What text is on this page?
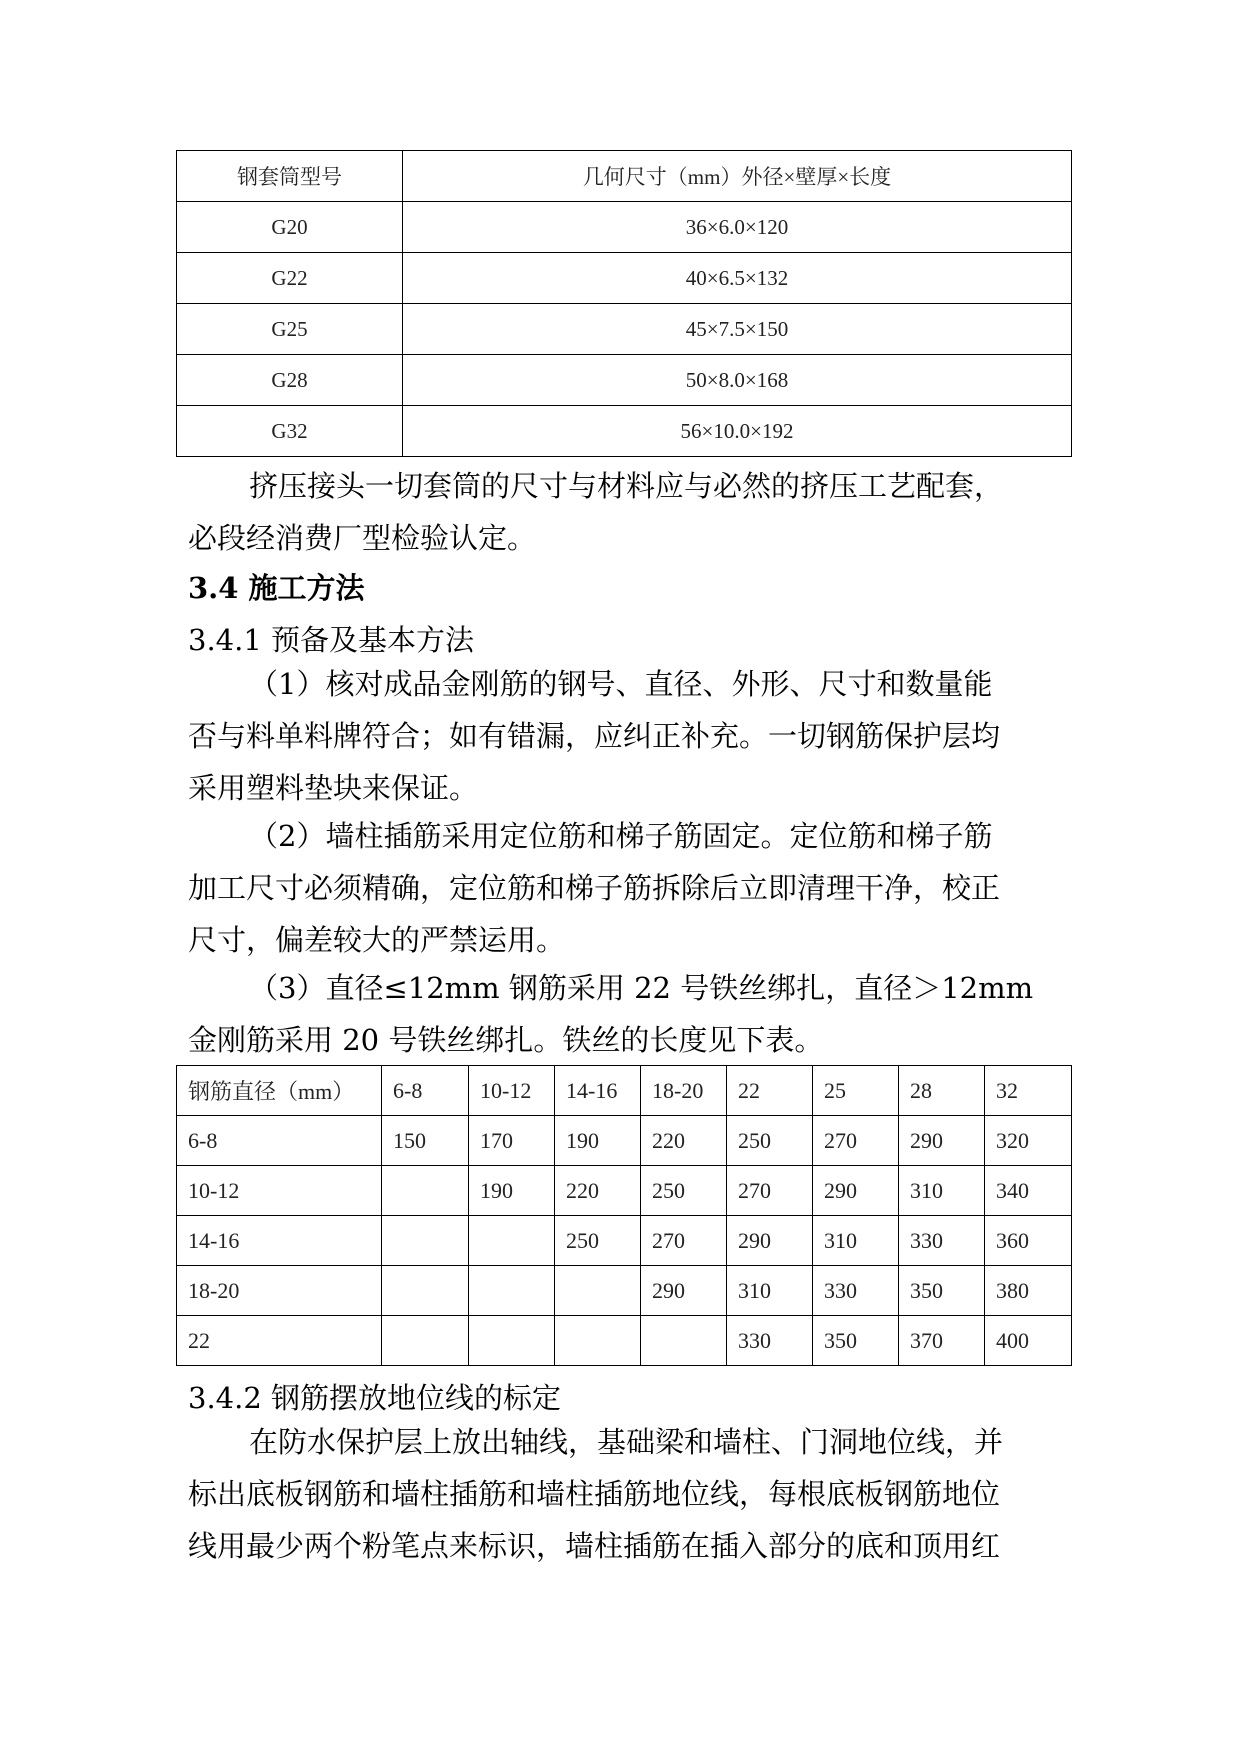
钢套筒型号	几何尺寸（mm）外径×壁厚×长度
G20	36×6.0×120
G22	40×6.5×132
G25	45×7.5×150
G28	50×8.0×168
G32	56×10.0×192

挤压接头一切套筒的尺寸与材料应与必然的挤压工艺配套，
必段经消费厂型检验认定。

3.4 施工方法
3.4.1 预备及基本方法

（1）核对成品金刚筋的钢号、直径、外形、尺寸和数量能
否与料单料牌符合；如有错漏，应纠正补充。一切钢筋保护层均
采用塑料垫块来保证。

（2）墙柱插筋采用定位筋和梯子筋固定。定位筋和梯子筋
加工尺寸必须精确，定位筋和梯子筋拆除后立即清理干净，校正
尺寸，偏差较大的严禁运用。

（3）直径≤12mm 钢筋采用 22 号铁丝绑扎，直径＞12mm
金刚筋采用 20 号铁丝绑扎。铁丝的长度见下表。

钢筋直径（mm）	6-8	10-12	14-16	18-20	22	25	28	32
6-8	150	170	190	220	250	270	290	320
10-12		190	220	250	270	290	310	340
14-16			250	270	290	310	330	360
18-20				290	310	330	350	380
22					330	350	370	400
3.4.2 钢筋摆放地位线的标定

在防水保护层上放出轴线，基础梁和墙柱、门洞地位线，并
标出底板钢筋和墙柱插筋和墙柱插筋地位线，每根底板钢筋地位
线用最少两个粉笔点来标识，墙柱插筋在插入部分的底和顶用红
